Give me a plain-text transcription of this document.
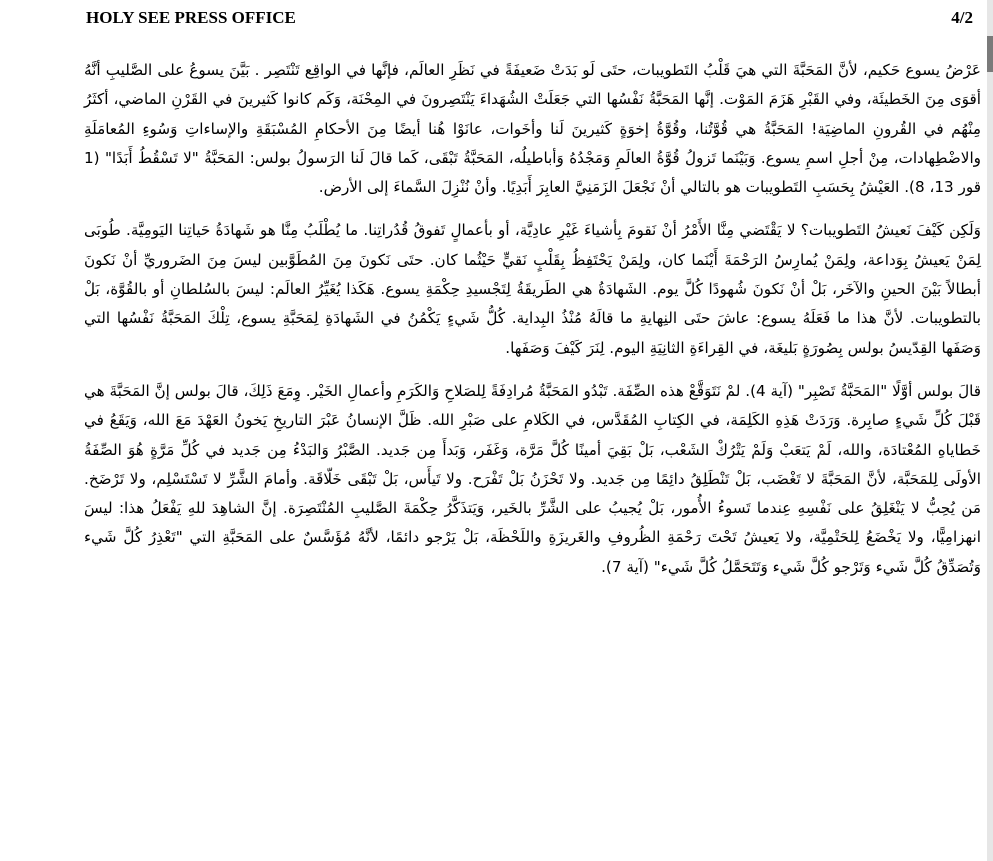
HOLY SEE PRESS OFFICE	4/2

عَرْضُ يسوع حَكيم، لأنَّ المَحَبَّةَ التي هيَ قَلْبُ التَطويبات، حتَى لَو بَدَتْ ضَعيفَةً في نَظَرِ العالَم، فإنَّها في الواقِع تَنْتَصِر . بَيَّنَ يسوعُ على الصَّليبِ أنَّهُ أقوَى مِنَ الخَطيئَة، وفي القَبْرِ هَزَمَ المَوْت. إنَّها المَحَبَّةُ نَفْسُها التي جَعَلَتْ الشُهَداءَ يَنْتَصِرونَ في المِحْنَة، وَكَم كانوا كَثيرينَ في القَرْنِ الماضي، أكثَرُ مِنْهُم في القُرونِ الماضِيَة! المَحَبَّةُ هي قُوَّتُنا، وقُوَّةُ إخوَةٍ كَثيرينَ لَنا وأخَوات، عانَوْا هُنا أيضًا مِنَ الأحكامِ المُسْبَقَةِ والإساءاتِ وَسُوءِ المُعامَلَةِ والاضْطِهادات، مِنْ أجلِ اسمِ يسوع. وَبَيْنَما تَزولُ قُوَّةُ العالَمِ وَمَجْدُهُ وَأباطيلُه، المَحَبَّةُ تَبْقَى، كَما قالَ لَنا الرَسولُ بولس: المَحَبَّةُ "لا تَسْقُطُ أَبَدًا" (1 قور 13، 8). العَيْشُ بِحَسَبِ التَطويبات هو بالتالي أنْ نَجْعَلَ الزَمَنِيَّ العابِرَ أَبَدِيًا. وأنْ نُنْزِلَ السَّماءَ إلى الأرض.

وَلَكِن كَيْفَ نَعيشُ التَطويبات؟ لا يَقْتَضي مِنَّا الأَمْرُ أنْ نَقومَ بِأشياءَ غَيْرِ عادِيَّة، أو بأعمالٍ تَفوقُ قُدُراتِنا. ما يُطْلَبُ مِنَّا هو شَهادَةُ حَياتِنا اليَومِيَّة. طُوبَى لِمَنْ يَعيشُ بِوَداعة، ولِمَنْ يُمارِسُ الرَحْمَةَ أَيْنَما كان، ولِمَنْ يَحْتَفِظُ بِقَلْبٍ نَقيٍّ حَيْثُما كان. حتَى نَكونَ مِنَ المُطَوَّبين ليسَ مِنَ الضَروريِّ أنْ نَكونَ أبطالاً بَيْنَ الحينِ والآخَر، بَلْ أنْ نَكونَ شُهودًا كُلَّ يوم. الشَهادَةُ هي الطَريقَةُ لِتَجْسيدِ حِكْمَةِ يسوع. هَكَذا يُغَيِّرُ العالَم: ليسَ بالسُلطانِ أو بالقُوَّة، بَلْ بالتطويبات. لأنَّ هذا ما فَعَلَهُ يسوع: عاشَ حتَى النِهايةِ ما قالَهُ مُنْذُ البِداية. كُلُّ شَيءٍ يَكْمُنُ في الشَهادَةِ لِمَحَبَّةِ يسوع، تِلْكَ المَحَبَّةُ نَفْسُها التي وَصَفَها القِدّيسُ بولس بِصُورَةٍ بَليغَة، في القِراءَةِ الثانِيَةِ اليوم. لِنَرَ كَيْفَ وَصَفَها.

قالَ بولس أوَّلًا "المَحَبَّةُ تَصْبِر" (آية 4). لمْ نَتَوَقَّعْ هذه الصِّفَة. تَبْدُو المَحَبَّةُ مُرادِفَةً لِلصَلاحِ وَالكَرَمِ وأعمالِ الخَيْر. وِمَعَ ذَلِكَ، قالَ بولس إنَّ المَحَبَّةَ هي قَبْلَ كُلِّ شَيءٍ صابِرة. وَرَدَتْ هَذِهِ الكَلِمَة، في الكِتابِ المُقَدَّس، في الكَلامِ على صَبْرِ الله. ظَلَّ الإنسانُ عَبْرَ التاريخِ يَخونُ العَهْدَ مَعَ الله، وَيَقَعُ في خَطاياهِ المُعْتادَة، والله، لَمْ يَتعَبْ وَلَمْ يَتْرُكْ الشَعْب، بَلْ بَقِيَ أمينًا كُلَّ مَرَّة، وَغَفَر، وَبَدأَ مِن جَديد. الصَّبْرُ وَالبَدْءُ مِن جَديد في كُلِّ مَرَّةٍ هُوَ الصِّفَةُ الأولَى لِلمَحَبَّة، لأنَّ المَحَبَّةَ لا تَغْضَب، بَلْ تَنْطَلِقُ دائِمًا مِن جَديد. ولا تَحْزَنُ بَلْ تَفْرَح. ولا تَيأَس، بَلْ تَبْقَى خَلّاقَة. وأمامَ الشَّرِّ لا تَسْتَسْلِم، ولا تَرْضَخ. مَن يُحِبُّ لا يَنْغَلِقُ على نَفْسِهِ عِندما تَسوءُ الأُمور، بَلْ يُجيبُ على الشَّرِّ بالخَير، وَيَتذَكَّرُ حِكْمَةَ الصَّليبِ المُنْتَصِرَة. إنَّ الشاهِدَ للهِ يَفْعَلُ هذا: ليسَ انهزامِيًّا، ولا يَخْضَعُ لِلحَتْمِيَّة، ولا يَعيشُ تَحْتَ رَحْمَةِ الظُروفِ والغَريزَةِ واللَحْظَة، بَلْ يَرْجو دائمًا، لأنَّهُ مُؤَسَّسٌ على المَحَبَّةِ التي "تَعْذِرُ كُلَّ شَيء وَتُصَدِّقُ كُلَّ شَيء وَتَرْجو كُلَّ شَيء وَتَتَحَمَّلُ كُلَّ شَيء" (آية 7).
